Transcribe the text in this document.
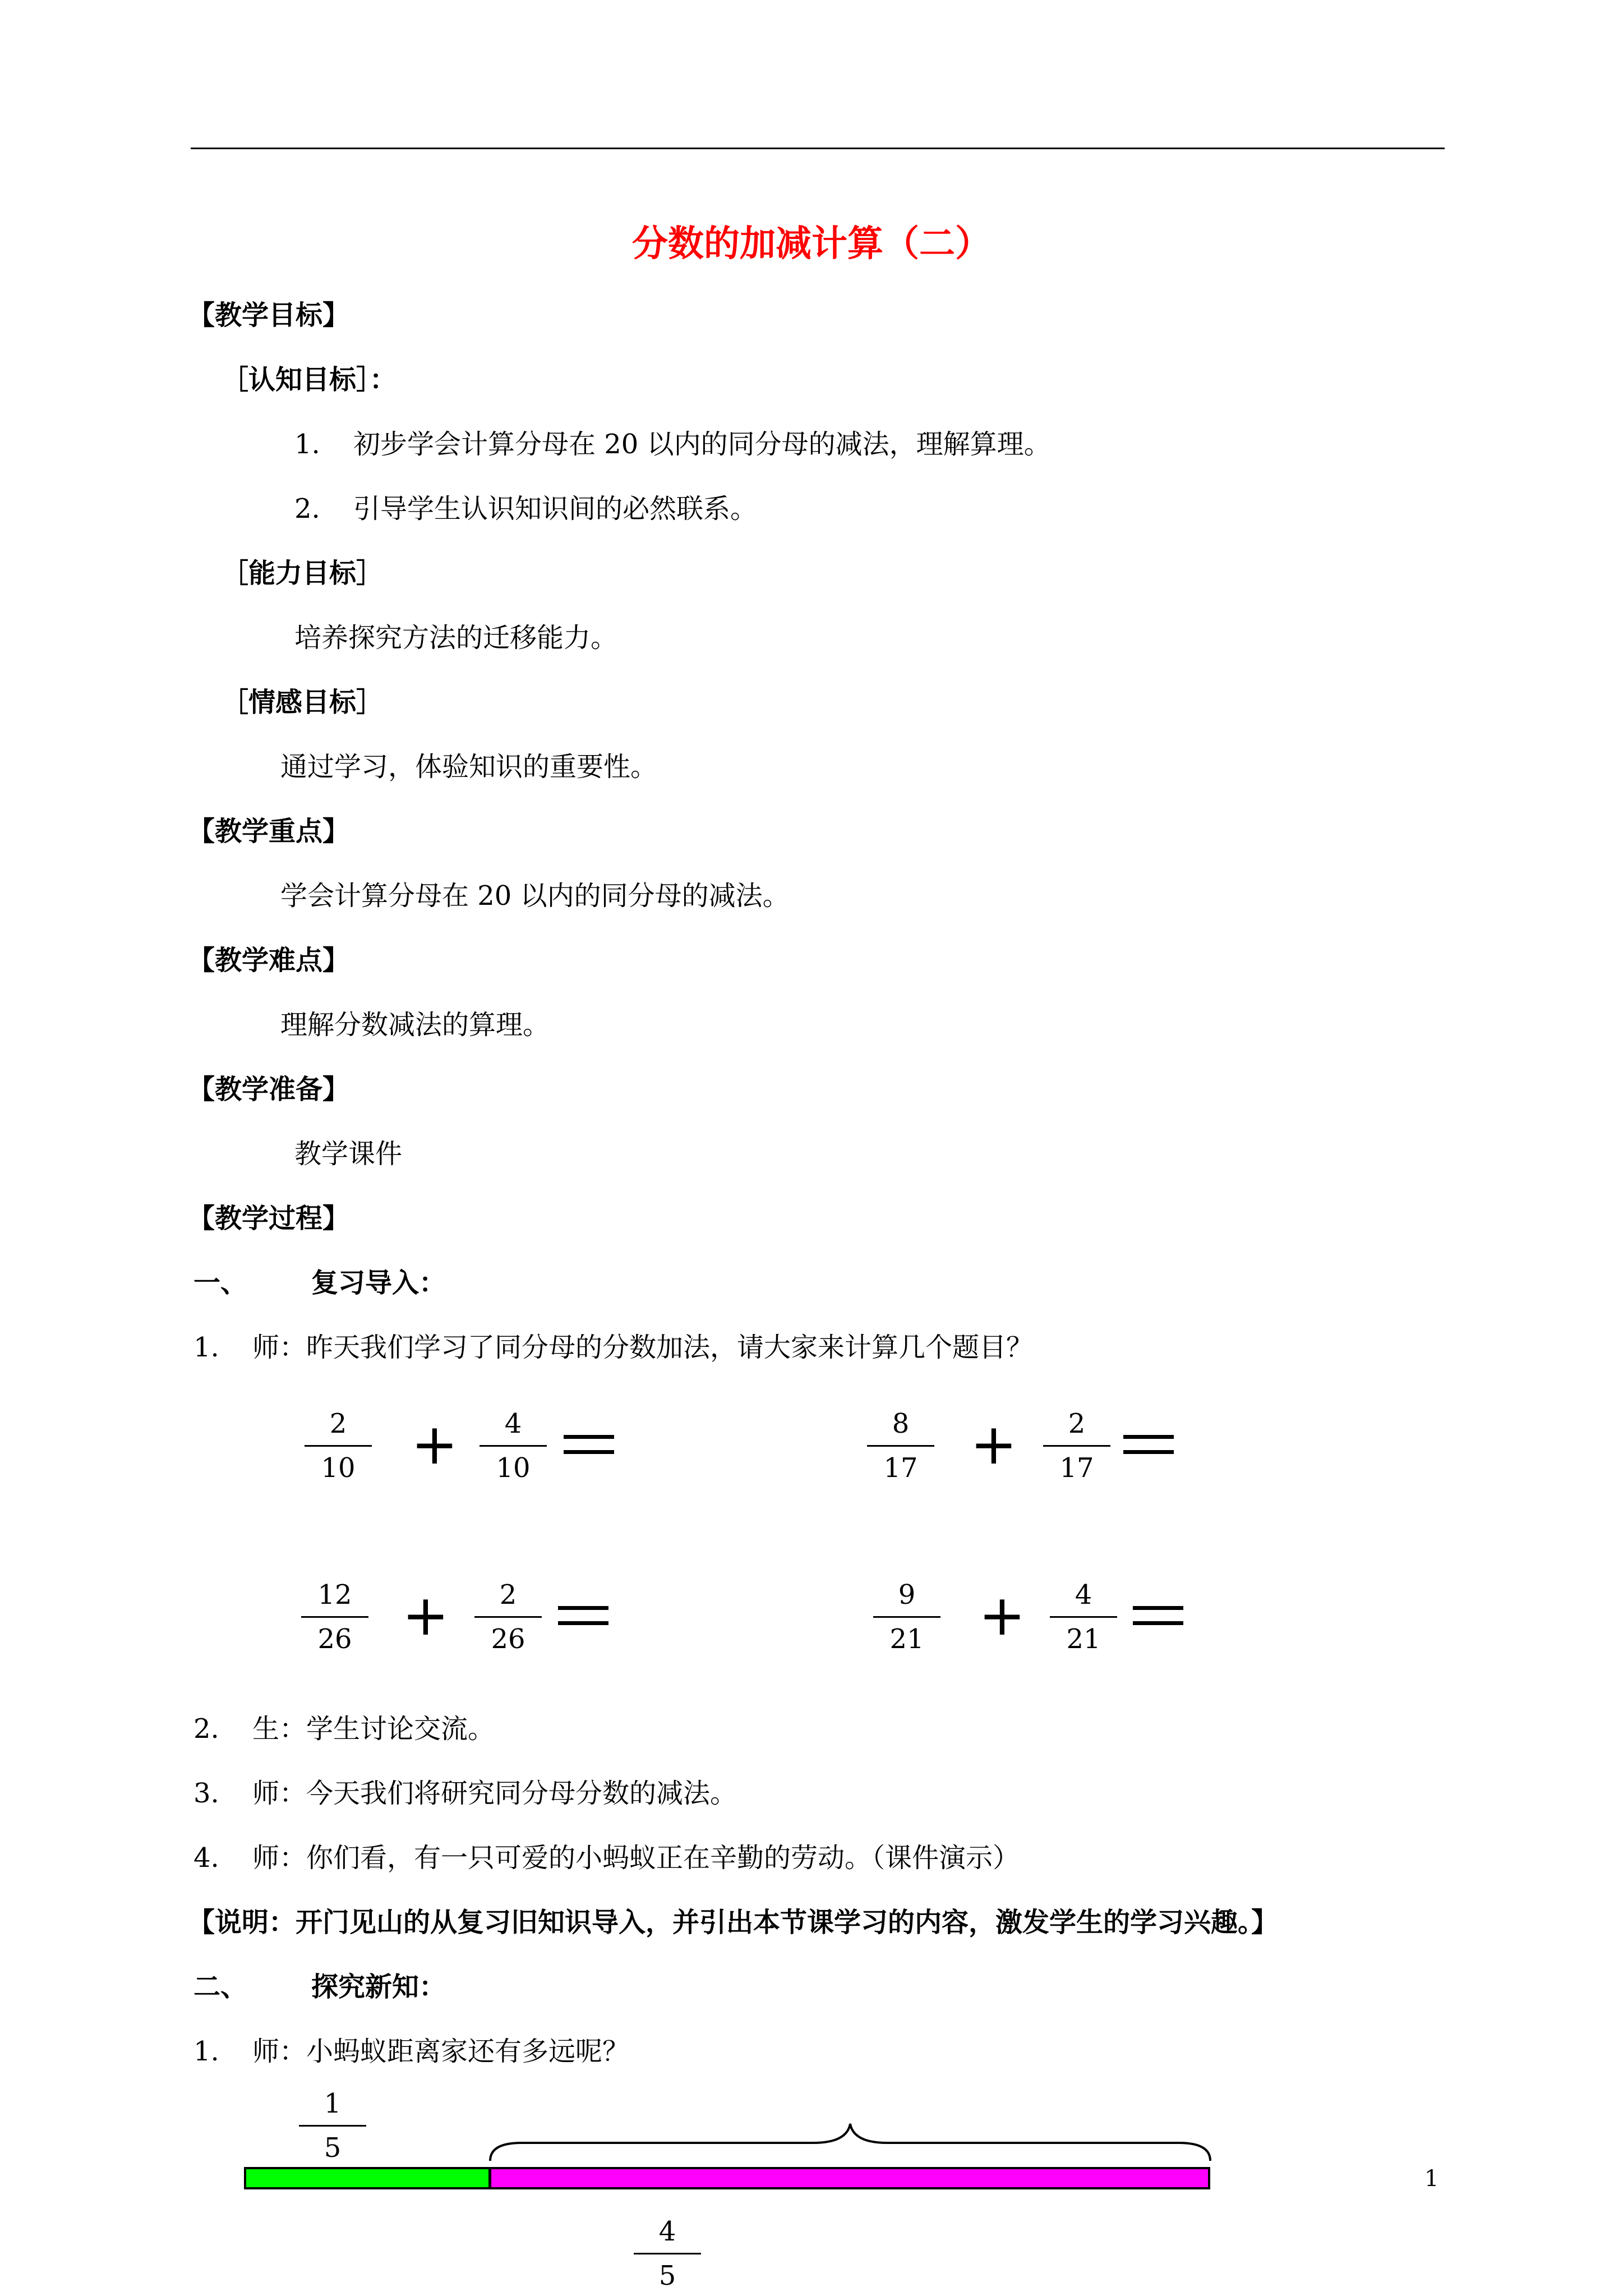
分数的加减计算（二）
【教学目标】
［认知目标］：
1. 初步学会计算分母在 20 以内的同分母的减法，理解算理。
2. 引导学生认识知识间的必然联系。
［能力目标］
培养探究方法的迁移能力。
［情感目标］
通过学习，体验知识的重要性。
【教学重点】
学会计算分母在 20 以内的同分母的减法。
【教学难点】
理解分数减法的算理。
【教学准备】
教学课件
【教学过程】
一、 复习导入：
1. 师：昨天我们学习了同分母的分数加法，请大家来计算几个题目？
2
10 +	4
10
8
17 +	2
17
12
26 +	2
26
9
21 +	4
21
2. 生：学生讨论交流。
3. 师：今天我们将研究同分母分数的减法。
4. 师：你们看，有一只可爱的小蚂蚁正在辛勤的劳动。（课件演示）
【说明：开门见山的从复习旧知识导入，并引出本节课学习的内容，激发学生的学习兴趣。】
二、 探究新知：
1. 师：小蚂蚁距离家还有多远呢？
1
5
4
5
1
